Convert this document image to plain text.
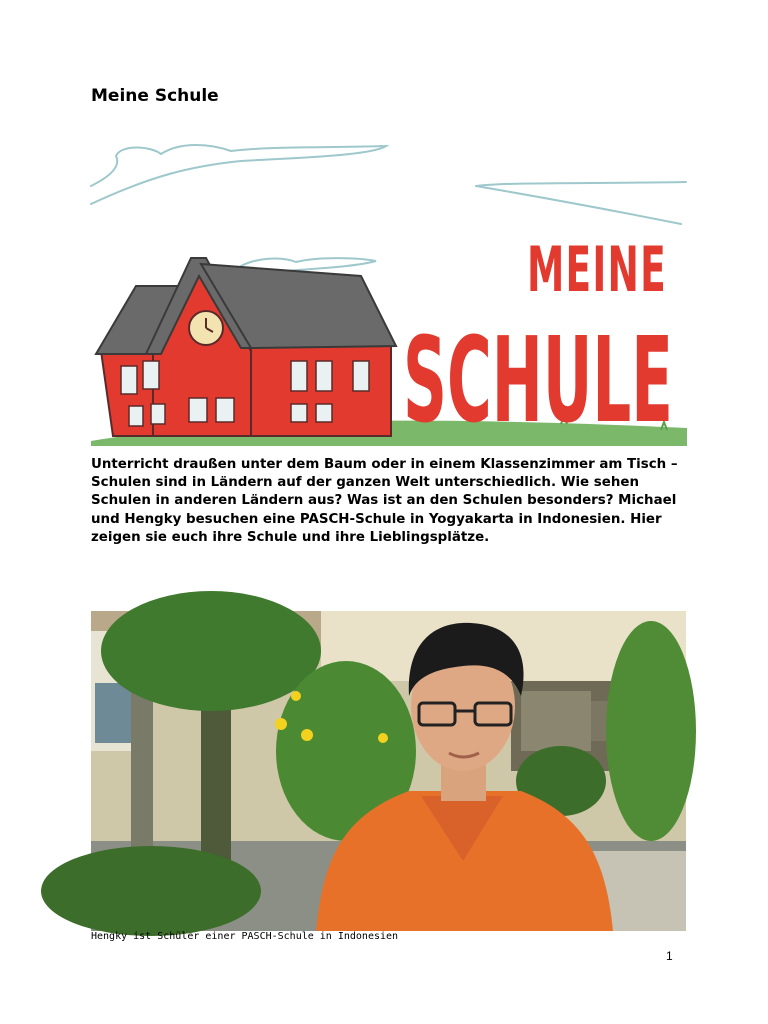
Meine Schule
MEINE
SCHULE

Unterricht draußen unter dem Baum oder in einem Klassenzimmer am Tisch – Schulen sind in Ländern auf der ganzen Welt unterschiedlich. Wie sehen Schulen in anderen Ländern aus? Was ist an den Schulen besonders? Michael und Hengky besuchen eine PASCH-Schule in Yogyakarta in Indonesien. Hier zeigen sie euch ihre Schule und ihre Lieblingsplätze.

Hengky ist Schüler einer PASCH-Schule in Indonesien
1
